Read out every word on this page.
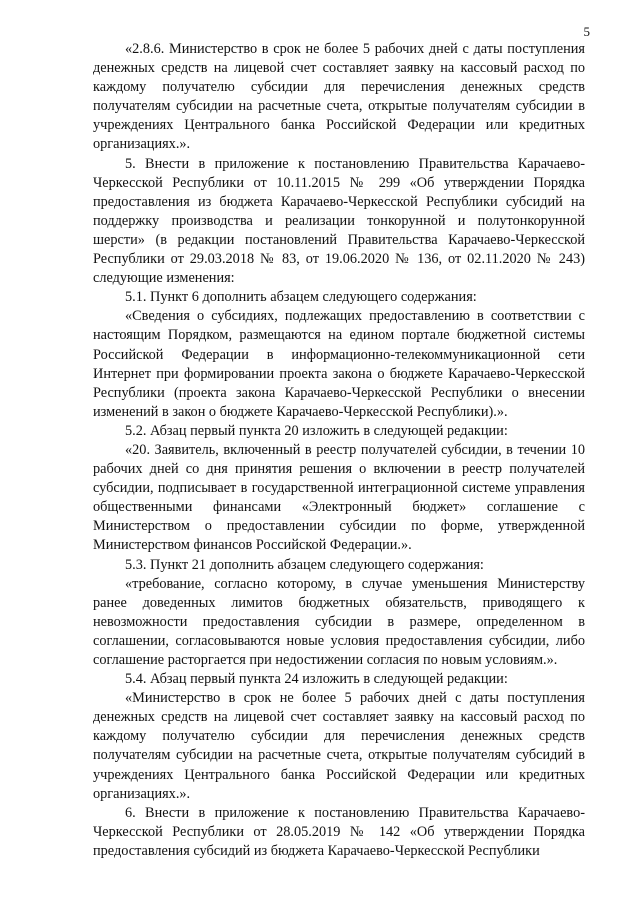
5

«2.8.6. Министерство в срок не более 5 рабочих дней с даты поступления денежных средств на лицевой счет составляет заявку на кассовый расход по каждому получателю субсидии для перечисления денежных средств получателям субсидии на расчетные счета, открытые получателям субсидии в учреждениях Центрального банка Российской Федерации или кредитных организациях.».

5. Внести в приложение к постановлению Правительства Карачаево-Черкесской Республики от 10.11.2015 № 299 «Об утверждении Порядка предоставления из бюджета Карачаево-Черкесской Республики субсидий на поддержку производства и реализации тонкорунной и полутонкорунной шерсти» (в редакции постановлений Правительства Карачаево-Черкесской Республики от 29.03.2018 № 83, от 19.06.2020 № 136, от 02.11.2020 № 243) следующие изменения:

5.1. Пункт 6 дополнить абзацем следующего содержания:

«Сведения о субсидиях, подлежащих предоставлению в соответствии с настоящим Порядком, размещаются на едином портале бюджетной системы Российской Федерации в информационно-телекоммуникационной сети Интернет при формировании проекта закона о бюджете Карачаево-Черкесской Республики (проекта закона Карачаево-Черкесской Республики о внесении изменений в закон о бюджете Карачаево-Черкесской Республики).».

5.2. Абзац первый пункта 20 изложить в следующей редакции:

«20. Заявитель, включенный в реестр получателей субсидии, в течении 10 рабочих дней со дня принятия решения о включении в реестр получателей субсидии, подписывает в государственной интеграционной системе управления общественными финансами «Электронный бюджет» соглашение с Министерством о предоставлении субсидии по форме, утвержденной Министерством финансов Российской Федерации.».

5.3. Пункт 21 дополнить абзацем следующего содержания:

«требование, согласно которому, в случае уменьшения Министерству ранее доведенных лимитов бюджетных обязательств, приводящего к невозможности предоставления субсидии в размере, определенном в соглашении, согласовываются новые условия предоставления субсидии, либо соглашение расторгается при недостижении согласия по новым условиям.».

5.4. Абзац первый пункта 24 изложить в следующей редакции:

«Министерство в срок не более 5 рабочих дней с даты поступления денежных средств на лицевой счет составляет заявку на кассовый расход по каждому получателю субсидии для перечисления денежных средств получателям субсидии на расчетные счета, открытые получателям субсидий в учреждениях Центрального банка Российской Федерации или кредитных организациях.».

6. Внести в приложение к постановлению Правительства Карачаево-Черкесской Республики от 28.05.2019 № 142 «Об утверждении Порядка предоставления субсидий из бюджета Карачаево-Черкесской Республики
